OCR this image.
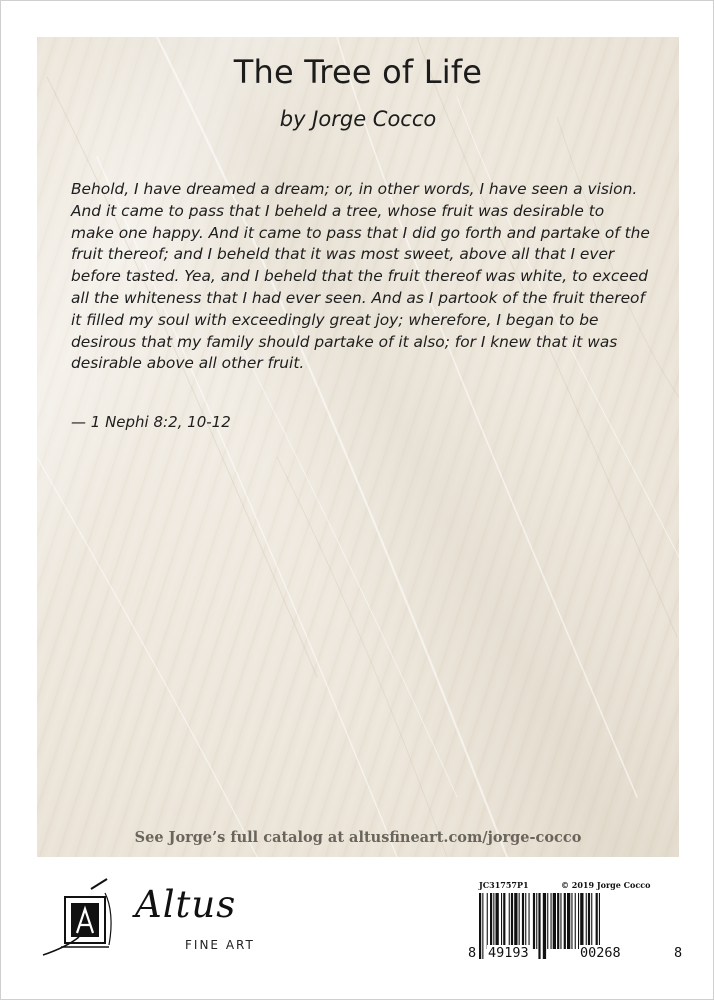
The Tree of Life
by Jorge Cocco

Behold, I have dreamed a dream; or, in other words, I have seen a vision. And it came to pass that I beheld a tree, whose fruit was desirable to make one happy. And it came to pass that I did go forth and partake of the fruit thereof; and I beheld that it was most sweet, above all that I ever before tasted. Yea, and I beheld that the fruit thereof was white, to exceed all the whiteness that I had ever seen. And as I partook of the fruit thereof it filled my soul with exceedingly great joy; wherefore, I began to be desirous that my family should partake of it also; for I knew that it was desirable above all other fruit.

— 1 Nephi 8:2, 10-12
See Jorge’s full catalog at altusfineart.com/jorge-cocco
Altus
FINE ART
JC31757P1	© 2019 Jorge Cocco
8 49193	00268	8
